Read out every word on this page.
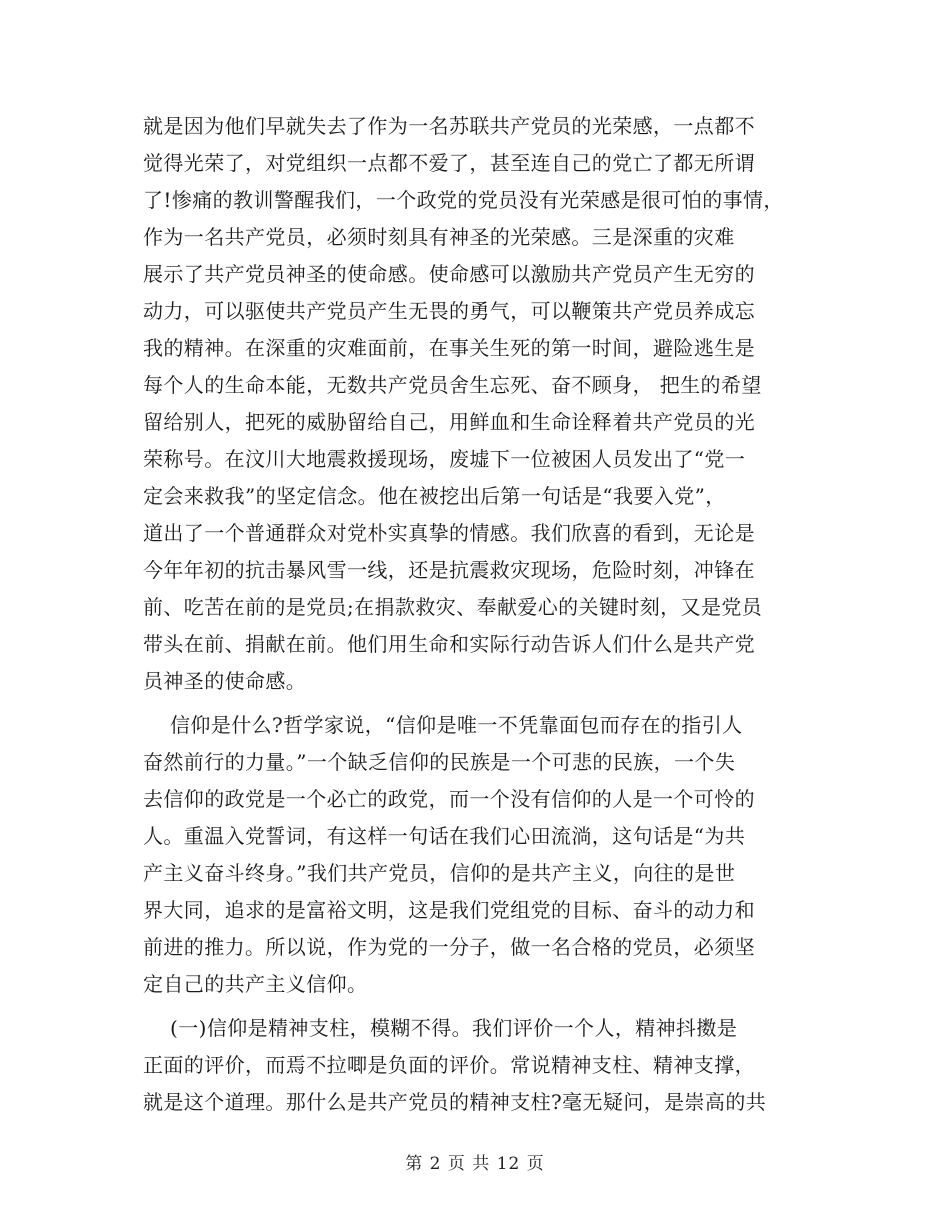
就是因为他们早就失去了作为一名苏联共产党员的光荣感，一点都不
觉得光荣了，对党组织一点都不爱了，甚至连自己的党亡了都无所谓
了!惨痛的教训警醒我们，一个政党的党员没有光荣感是很可怕的事情，
作为一名共产党员，必须时刻具有神圣的光荣感。三是深重的灾难
展示了共产党员神圣的使命感。使命感可以激励共产党员产生无穷的
动力，可以驱使共产党员产生无畏的勇气，可以鞭策共产党员养成忘
我的精神。在深重的灾难面前，在事关生死的第一时间，避险逃生是
每个人的生命本能，无数共产党员舍生忘死、奋不顾身， 把生的希望
留给别人，把死的威胁留给自己，用鲜血和生命诠释着共产党员的光
荣称号。在汶川大地震救援现场，废墟下一位被困人员发出了“党一
定会来救我”的坚定信念。他在被挖出后第一句话是“我要入党”，
道出了一个普通群众对党朴实真挚的情感。我们欣喜的看到，无论是
今年年初的抗击暴风雪一线，还是抗震救灾现场，危险时刻，冲锋在
前、吃苦在前的是党员;在捐款救灾、奉献爱心的关键时刻，又是党员
带头在前、捐献在前。他们用生命和实际行动告诉人们什么是共产党
员神圣的使命感。
信仰是什么?哲学家说，“信仰是唯一不凭靠面包而存在的指引人
奋然前行的力量。”一个缺乏信仰的民族是一个可悲的民族，一个失
去信仰的政党是一个必亡的政党，而一个没有信仰的人是一个可怜的
人。重温入党誓词，有这样一句话在我们心田流淌，这句话是“为共
产主义奋斗终身。”我们共产党员，信仰的是共产主义，向往的是世
界大同，追求的是富裕文明，这是我们党组党的目标、奋斗的动力和
前进的推力。所以说，作为党的一分子，做一名合格的党员，必须坚
定自己的共产主义信仰。
(一)信仰是精神支柱，模糊不得。我们评价一个人，精神抖擞是
正面的评价，而焉不拉唧是负面的评价。常说精神支柱、精神支撑，
就是这个道理。那什么是共产党员的精神支柱?毫无疑问，是崇高的共
第 2 页 共 12 页
